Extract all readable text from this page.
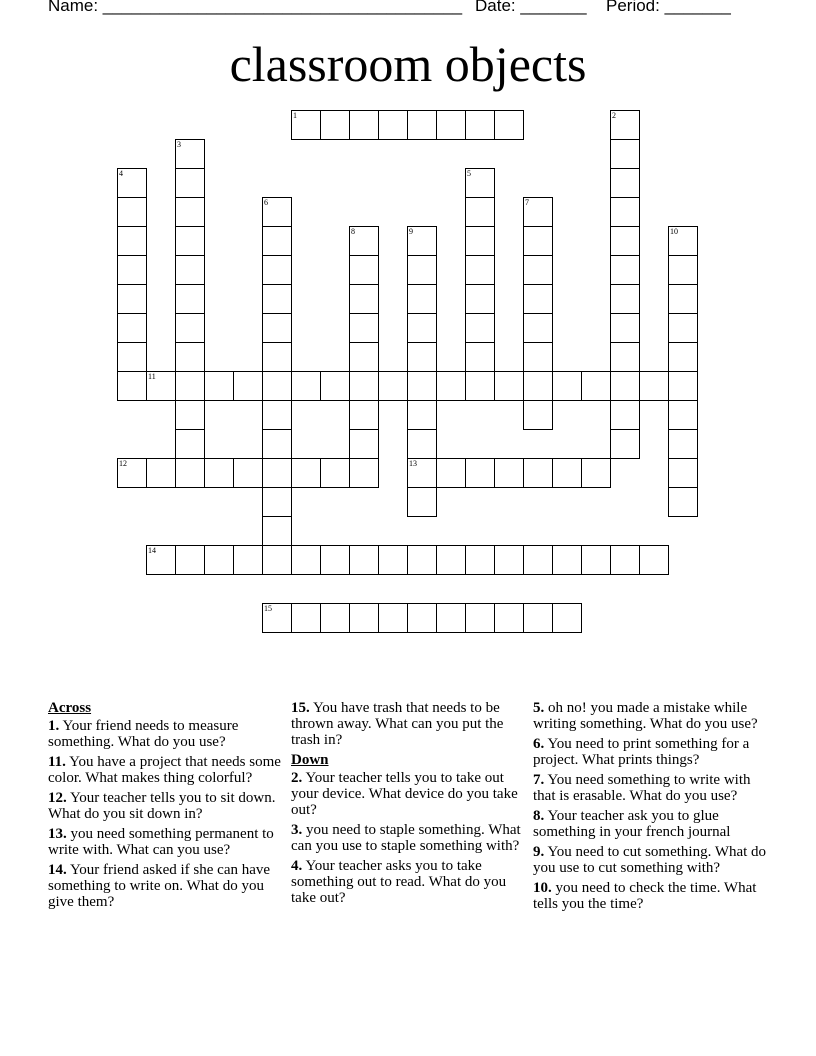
Name: ______________________________________ Date: _______ Period: _______
classroom objects
1	2
3
4	5
6	7
8	9
13
10
11
12
14
15
Across
1. Your friend needs to measure something. What do you use?
11. You have a project that needs some color. What makes thing colorful?
12. Your teacher tells you to sit down. What do you sit down in?
13. you need something permanent to write with. What can you use?
14. Your friend asked if she can have something to write on. What do you give them?
15. You have trash that needs to be thrown away. What can you put the trash in?
Down
2. Your teacher tells you to take out your device. What device do you take out?
3. you need to staple something. What can you use to staple something with?
4. Your teacher asks you to take something out to read. What do you take out?
5. oh no! you made a mistake while writing something. What do you use?
6. You need to print something for a project. What prints things?
7. You need something to write with that is erasable. What do you use?
8. Your teacher ask you to glue something in your french journal
9. You need to cut something. What do you use to cut something with?
10. you need to check the time. What tells you the time?
